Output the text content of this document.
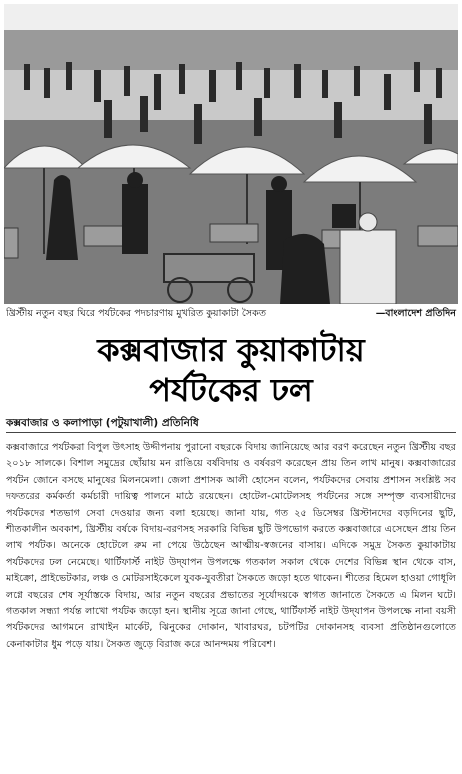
খ্রিস্টীয় নতুন বছর ঘিরে পর্যটকের পদচারণায় মুখরিত কুয়াকাটা সৈকত	—বাংলাদেশ প্রতিদিন
কক্সবাজার কুয়াকাটায়
পর্যটকের ঢল
কক্সবাজার ও কলাপাড়া (পটুয়াখালী) প্রতিনিধি

কক্সবাজারে পর্যটকরা বিপুল উৎসাহ উদ্দীপনায় পুরানো বছরকে বিদায় জানিয়েছে আর বরণ করেছেন নতুন খ্রিস্টীয় বছর ২০১৮ সালকে। বিশাল সমুদ্রের ছোঁয়ায় মন রাঙিয়ে বর্ষবিদায় ও বর্ষবরণ করেছেন প্রায় তিন লাখ মানুষ। কক্সবাজারের পর্যটন জোনে বসছে মানুষের মিলনমেলা। জেলা প্রশাসক আলী হোসেন বলেন, পর্যটকদের সেবায় প্রশাসন সংশ্লিষ্ট সব দফতরের কর্মকর্তা কর্মচারী দায়িত্ব পালনে মাঠে রয়েছেন। হোটেল-মোটেলসহ পর্যটনের সঙ্গে সম্পৃক্ত ব্যবসায়ীদের পর্যটকদের শতভাগ সেবা দেওয়ার জন্য বলা হয়েছে। জানা যায়, গত ২৫ ডিসেম্বর খ্রিস্টানদের বড়দিনের ছুটি, শীতকালীন অবকাশ, খ্রিস্টীয় বর্ষকে বিদায়-বরণসহ সরকারি বিভিন্ন ছুটি উপভোগ করতে কক্সবাজারে এসেছেন প্রায় তিন লাখ পর্যটক। অনেকে হোটেলে রুম না পেয়ে উঠেছেন আত্মীয়-স্বজনের বাসায়। এদিকে সমুদ্র সৈকত কুয়াকাটায় পর্যটকদের ঢল নেমেছে। থার্টিফার্স্ট নাইট উদ্‌যাপন উপলক্ষে গতকাল সকাল থেকে দেশের বিভিন্ন স্থান থেকে বাস, মাইক্রো, প্রাইভেটকার, লঞ্চ ও মোটরসাইকেলে যুবক-যুবতীরা সৈকতে জড়ো হতে থাকেন। শীতের হিমেল হাওয়া গোধূলি লগ্নে বছরের শেষ সূর্যাস্তকে বিদায়, আর নতুন বছরের প্রভাতের সূর্যোদয়কে স্বাগত জানাতে সৈকতে এ মিলন ঘটে। গতকাল সন্ধ্যা পর্যন্ত লাখো পর্যটক জড়ো হন। স্থানীয় সূত্রে জানা গেছে, থার্টিফার্স্ট নাইট উদ্‌যাপন উপলক্ষে নানা বয়সী পর্যটকদের আগমনে রাখাইন মার্কেট, ঝিনুকের দোকান, খাবারঘর, চটপটির দোকানসহ ব্যবসা প্রতিষ্ঠানগুলোতে কেনাকাটার ধুম পড়ে যায়। সৈকত জুড়ে বিরাজ করে আনন্দময় পরিবেশ।
